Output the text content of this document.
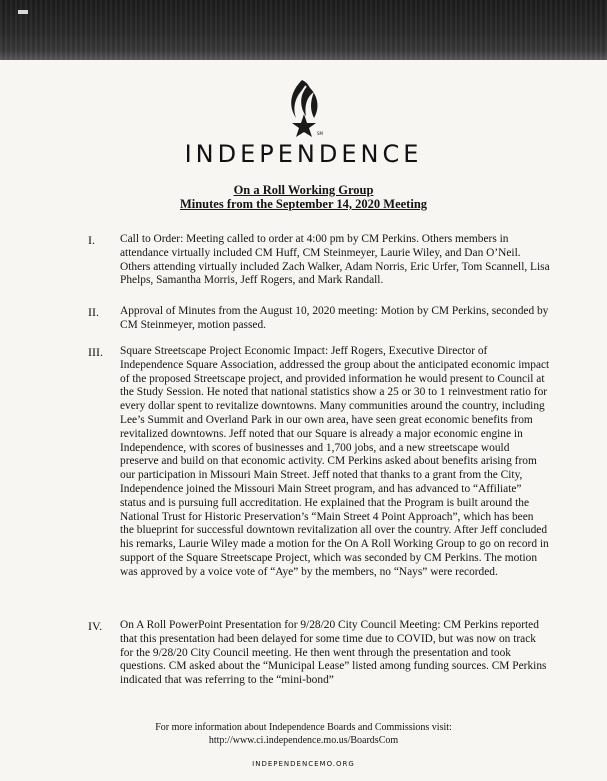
SM
INDEPENDENCE
On a Roll Working Group
Minutes from the September 14, 2020 Meeting
I. Call to Order: Meeting called to order at 4:00 pm by CM Perkins. Others members in attendance virtually included CM Huff, CM Steinmeyer, Laurie Wiley, and Dan O’Neil. Others attending virtually included Zach Walker, Adam Norris, Eric Urfer, Tom Scannell, Lisa Phelps, Samantha Morris, Jeff Rogers, and Mark Randall.
II. Approval of Minutes from the August 10, 2020 meeting: Motion by CM Perkins, seconded by CM Steinmeyer, motion passed.
III. Square Streetscape Project Economic Impact: Jeff Rogers, Executive Director of Independence Square Association, addressed the group about the anticipated economic impact of the proposed Streetscape project, and provided information he would present to Council at the Study Session. He noted that national statistics show a 25 or 30 to 1 reinvestment ratio for every dollar spent to revitalize downtowns. Many communities around the country, including Lee’s Summit and Overland Park in our own area, have seen great economic benefits from revitalized downtowns. Jeff noted that our Square is already a major economic engine in Independence, with scores of businesses and 1,700 jobs, and a new streetscape would preserve and build on that economic activity. CM Perkins asked about benefits arising from our participation in Missouri Main Street. Jeff noted that thanks to a grant from the City, Independence joined the Missouri Main Street program, and has advanced to “Affiliate” status and is pursuing full accreditation. He explained that the Program is built around the National Trust for Historic Preservation’s “Main Street 4 Point Approach”, which has been the blueprint for successful downtown revitalization all over the country. After Jeff concluded his remarks, Laurie Wiley made a motion for the On A Roll Working Group to go on record in support of the Square Streetscape Project, which was seconded by CM Perkins. The motion was approved by a voice vote of “Aye” by the members, no “Nays” were recorded.
IV. On A Roll PowerPoint Presentation for 9/28/20 City Council Meeting: CM Perkins reported that this presentation had been delayed for some time due to COVID, but was now on track for the 9/28/20 City Council meeting. He then went through the presentation and took questions. CM asked about the “Municipal Lease” listed among funding sources. CM Perkins indicated that was referring to the “mini-bond”
For more information about Independence Boards and Commissions visit:
http://www.ci.independence.mo.us/BoardsCom
INDEPENDENCEMO.ORG
